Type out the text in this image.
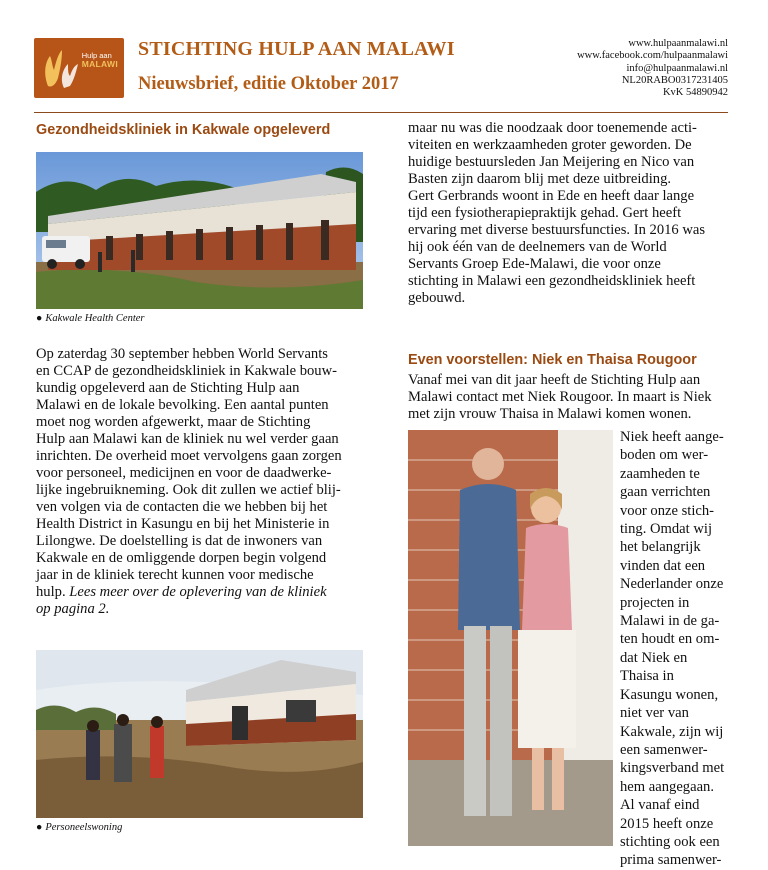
Hulp aan
MALAWI
STICHTING HULP AAN MALAWI
Nieuwsbrief, editie Oktober 2017
www.hulpaanmalawi.nl
www.facebook.com/hulpaanmalawi
info@hulpaanmalawi.nl
NL20RABO0317231405
KvK 54890942
Gezondheidskliniek in Kakwale opgeleverd
● Kakwale Health Center

Op zaterdag 30 september hebben World Servants

en CCAP de gezondheidskliniek in Kakwale bouw-

kundig opgeleverd aan de Stichting Hulp aan

Malawi en de lokale bevolking. Een aantal punten

moet nog worden afgewerkt, maar de Stichting

Hulp aan Malawi kan de kliniek nu wel verder gaan

inrichten. De overheid moet vervolgens gaan zorgen

voor personeel, medicijnen en voor de daadwerke-

lijke ingebruikneming. Ook dit zullen we actief blij-

ven volgen via de contacten die we hebben bij het

Health District in Kasungu en bij het Ministerie in

Lilongwe. De doelstelling is dat de inwoners van

Kakwale en de omliggende dorpen begin volgend

jaar in de kliniek terecht kunnen voor medische

hulp. Lees meer over de oplevering van de kliniek

op pagina 2.

● Personeelswoning

maar nu was die noodzaak door toenemende acti-

viteiten en werkzaamheden groter geworden. De

huidige bestuursleden Jan Meijering en Nico van

Basten zijn daarom blij met deze uitbreiding.

Gert Gerbrands woont in Ede en heeft daar lange

tijd een fysiotherapiepraktijk gehad. Gert heeft

ervaring met diverse bestuursfuncties. In 2016 was

hij ook één van de deelnemers van de World

Servants Groep Ede-Malawi, die voor onze

stichting in Malawi een gezondheidskliniek heeft

gebouwd.

Even voorstellen: Niek en Thaisa Rougoor

Vanaf mei van dit jaar heeft de Stichting Hulp aan

Malawi contact met Niek Rougoor. In maart is Niek

met zijn vrouw Thaisa in Malawi komen wonen.

Niek heeft aange-

boden om wer-

zaamheden te

gaan verrichten

voor onze stich-

ting. Omdat wij

het belangrijk

vinden dat een

Nederlander onze

projecten in

Malawi in de ga-

ten houdt en om-

dat Niek en

Thaisa in

Kasungu wonen,

niet ver van

Kakwale, zijn wij

een samenwer-

kingsverband met

hem aangegaan.

Al vanaf eind

2015 heeft onze

stichting ook een

prima samenwer-
